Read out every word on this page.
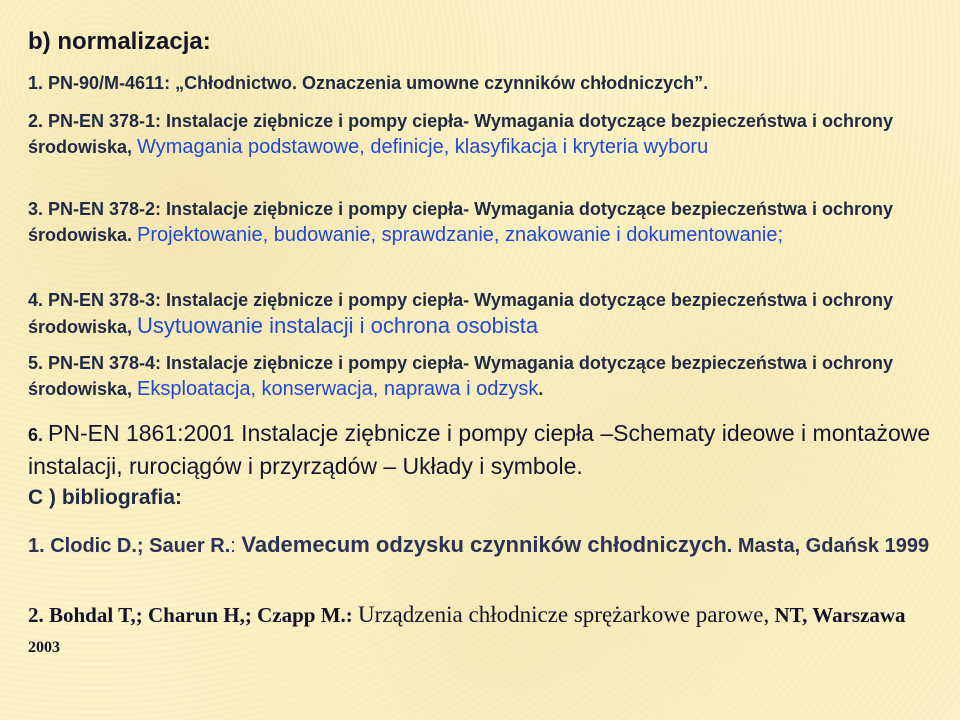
b) normalizacja:

1. PN-90/M-4611: „Chłodnictwo. Oznaczenia umowne czynników chłodniczych”.

2. PN-EN 378-1: Instalacje ziębnicze i pompy ciepła- Wymagania dotyczące bezpieczeństwa i ochrony środowiska, Wymagania podstawowe, definicje, klasyfikacja i kryteria wyboru

3. PN-EN 378-2: Instalacje ziębnicze i pompy ciepła- Wymagania dotyczące bezpieczeństwa i ochrony środowiska. Projektowanie, budowanie, sprawdzanie, znakowanie i dokumentowanie;

4. PN-EN 378-3: Instalacje ziębnicze i pompy ciepła- Wymagania dotyczące bezpieczeństwa i ochrony środowiska, Usytuowanie instalacji i ochrona osobista

5. PN-EN 378-4: Instalacje ziębnicze i pompy ciepła- Wymagania dotyczące bezpieczeństwa i ochrony środowiska, Eksploatacja, konserwacja, naprawa i odzysk.

6. PN-EN 1861:2001 Instalacje ziębnicze i pompy ciepła –Schematy ideowe i montażowe instalacji, rurociągów i przyrządów – Układy i symbole.

C ) bibliografia:

1. Clodic D.; Sauer R.: Vademecum odzysku czynników chłodniczych. Masta, Gdańsk 1999

2. Bohdal T,; Charun H,; Czapp M.: Urządzenia chłodnicze sprężarkowe parowe, NT, Warszawa 2003
